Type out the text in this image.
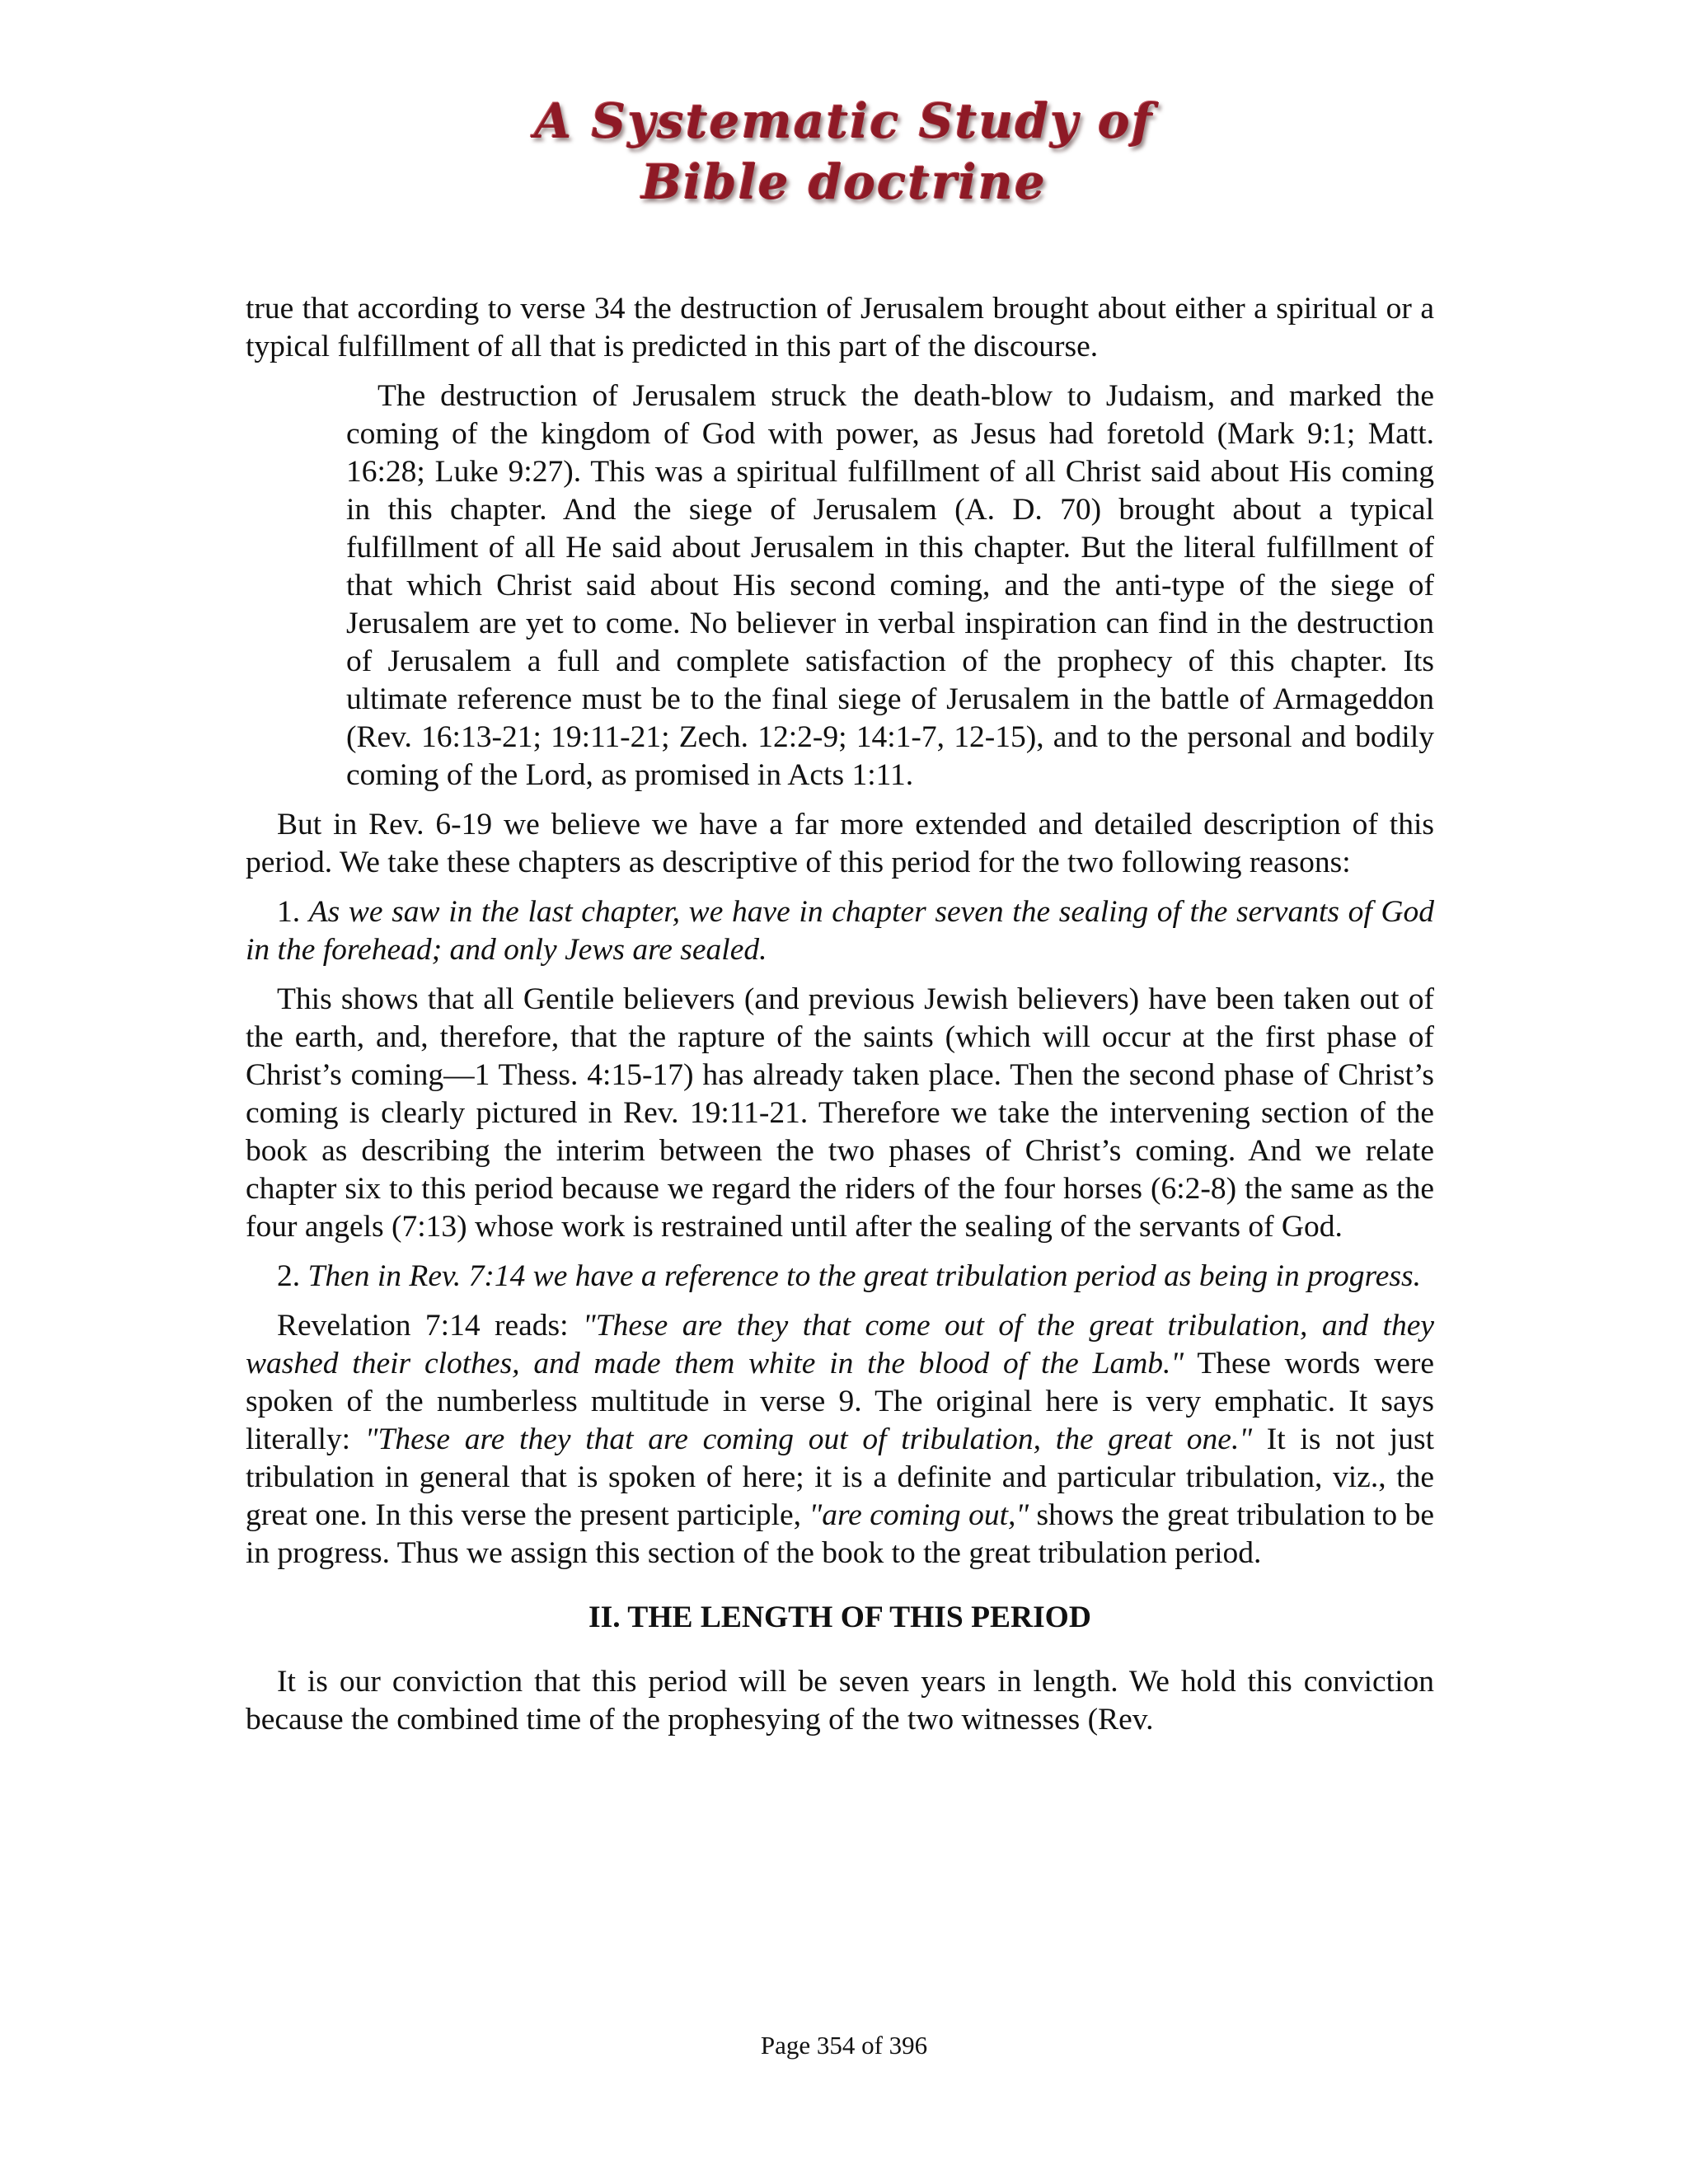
A Systematic Study of
Bible doctrine

true that according to verse 34 the destruction of Jerusalem brought about either a spiritual or a typical fulfillment of all that is predicted in this part of the discourse.

The destruction of Jerusalem struck the death-blow to Judaism, and marked the coming of the kingdom of God with power, as Jesus had foretold (Mark 9:1; Matt. 16:28; Luke 9:27). This was a spiritual fulfillment of all Christ said about His coming in this chapter. And the siege of Jerusalem (A. D. 70) brought about a typical fulfillment of all He said about Jerusalem in this chapter. But the literal fulfillment of that which Christ said about His second coming, and the anti-type of the siege of Jerusalem are yet to come. No believer in verbal inspiration can find in the destruction of Jerusalem a full and complete satisfaction of the prophecy of this chapter. Its ultimate reference must be to the final siege of Jerusalem in the battle of Armageddon (Rev. 16:13-21; 19:11-21; Zech. 12:2-9; 14:1-7, 12-15), and to the personal and bodily coming of the Lord, as promised in Acts 1:11.

But in Rev. 6-19 we believe we have a far more extended and detailed description of this period. We take these chapters as descriptive of this period for the two following reasons:

1. As we saw in the last chapter, we have in chapter seven the sealing of the servants of God in the forehead; and only Jews are sealed.

This shows that all Gentile believers (and previous Jewish believers) have been taken out of the earth, and, therefore, that the rapture of the saints (which will occur at the first phase of Christ’s coming—1 Thess. 4:15-17) has already taken place. Then the second phase of Christ’s coming is clearly pictured in Rev. 19:11-21. Therefore we take the intervening section of the book as describing the interim between the two phases of Christ’s coming. And we relate chapter six to this period because we regard the riders of the four horses (6:2-8) the same as the four angels (7:13) whose work is restrained until after the sealing of the servants of God.

2. Then in Rev. 7:14 we have a reference to the great tribulation period as being in progress.

Revelation 7:14 reads: "These are they that come out of the great tribulation, and they washed their clothes, and made them white in the blood of the Lamb." These words were spoken of the numberless multitude in verse 9. The original here is very emphatic. It says literally: "These are they that are coming out of tribulation, the great one." It is not just tribulation in general that is spoken of here; it is a definite and particular tribulation, viz., the great one. In this verse the present participle, "are coming out," shows the great tribulation to be in progress. Thus we assign this section of the book to the great tribulation period.

II. THE LENGTH OF THIS PERIOD

It is our conviction that this period will be seven years in length. We hold this conviction because the combined time of the prophesying of the two witnesses (Rev.

Page 354 of 396
